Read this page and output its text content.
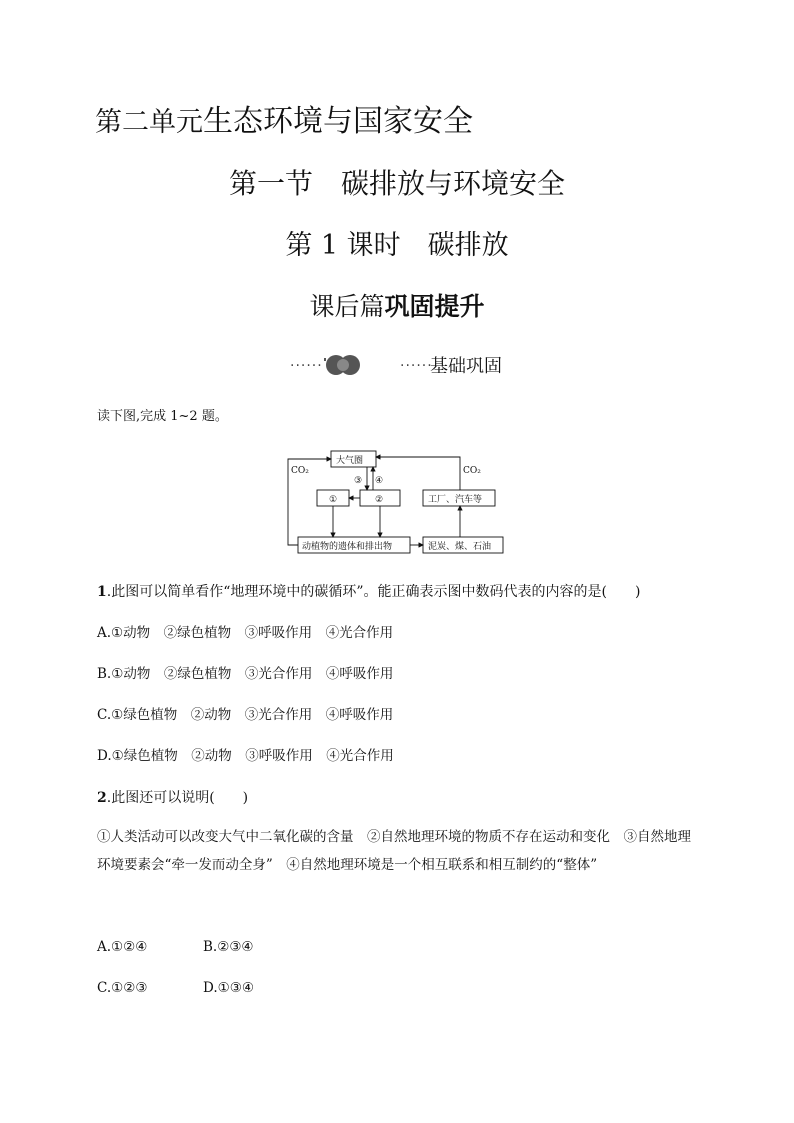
第二单元生态环境与国家安全
第一节　碳排放与环境安全
第 1 课时　碳排放
课后篇巩固提升
······	······
基础巩固
读下图,完成 1~2 题。
大气圈
①	②
③ ④
工厂、汽车等
动植物的遗体和排出物	泥炭、煤、石油
CO₂	CO₂
1.此图可以简单看作“地理环境中的碳循环”。能正确表示图中数码代表的内容的是(　　)
A.①动物　②绿色植物　③呼吸作用　④光合作用
B.①动物　②绿色植物　③光合作用　④呼吸作用
C.①绿色植物　②动物　③光合作用　④呼吸作用
D.①绿色植物　②动物　③呼吸作用　④光合作用
2.此图还可以说明(　　)
①人类活动可以改变大气中二氧化碳的含量　②自然地理环境的物质不存在运动和变化　③自然地理环境要素会“牵一发而动全身”　④自然地理环境是一个相互联系和相互制约的“整体”
A.①②④	B.②③④
C.①②③	D.①③④
